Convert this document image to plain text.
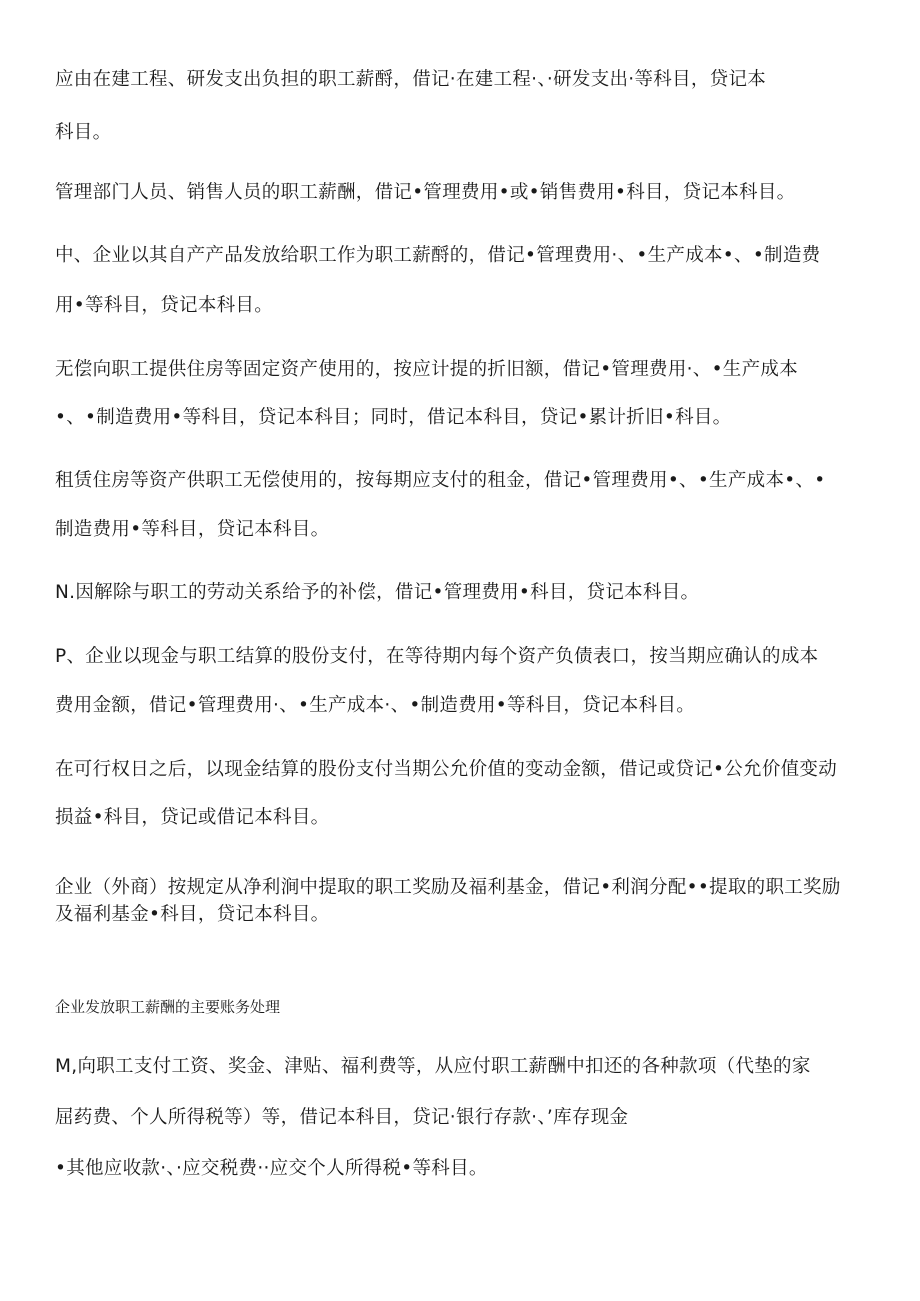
应由在建工程、研发支出负担的职工薪酹，借记·在建工程·、·研发支出·等科目，贷记本
科目。
管理部门人员、销售人员的职工薪酬，借记•管理费用•或•销售费用•科目，贷记本科目。
中、企业以其自产产品发放给职工作为职工薪酹的，借记•管理费用·、•生产成本•、•制造费
用•等科目，贷记本科目。
无偿向职工提供住房等固定资产使用的，按应计提的折旧额，借记•管理费用·、•生产成本
•、•制造费用•等科目，贷记本科目；同时，借记本科目，贷记•累计折旧•科目。
租赁住房等资产供职工无偿使用的，按每期应支付的租金，借记•管理费用•、•生产成本•、•
制造费用•等科目，贷记本科目。
N.因解除与职工的劳动关系给予的补偿，借记•管理费用•科目，贷记本科目。
P、企业以现金与职工结算的股份支付，在等待期内每个资产负债表口，按当期应确认的成本
费用金额，借记•管理费用·、•生产成本·、•制造费用•等科目，贷记本科目。
在可行权日之后，以现金结算的股份支付当期公允价值的变动金额，借记或贷记•公允价值变动
损益•科目，贷记或借记本科目。
企业（外商）按规定从净利涧中提取的职工奖励及福利基金，借记•利润分配••提取的职工奖励
及福利基金•科目，贷记本科目。
企业发放职工薪酬的主要账务处理
M,向职工支付工资、奖金、津贴、福利费等，从应付职工薪酬中扣还的各种款项（代垫的家
屈药费、个人所得税等）等，借记本科目，贷记·银行存款·、’库存现金
•其他应收款·、·应交税费··应交个人所得税•等科目。
